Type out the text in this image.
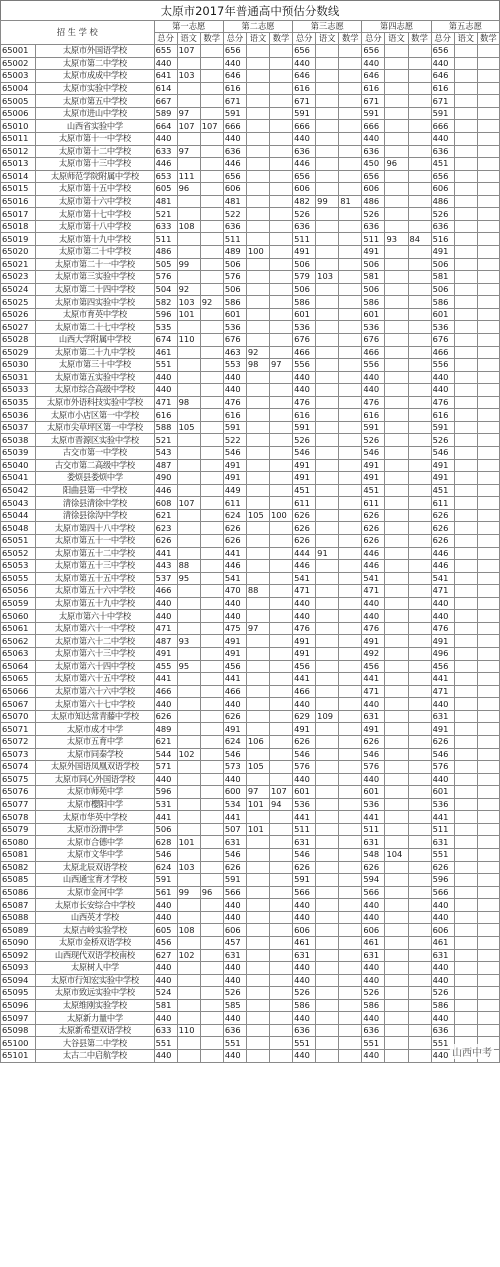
太原市2017年普通高中预估分数线
招 生 学 校		第一志愿			第二志愿			第三志愿			第四志愿			第五志愿		
		总分	语文	数学	总分	语文	数学	总分	语文	数学	总分	语文	数学	总分	语文	数学
65001	太原市外国语学校	655	107		656			656			656			656		
65002	太原市第二中学校	440			440			440			440			440		
65003	太原市成成中学校	641	103		646			646			646			646		
65004	太原市实验中学校	614			616			616			616			616		
65005	太原市第五中学校	667			671			671			671			671		
65006	太原市进山中学校	589	97		591			591			591			591		
65010	山西省实验中学	664	107	107	666			666			666			666		
65011	太原市第十一中学校	440			440			440			440			440		
65012	太原市第十二中学校	633	97		636			636			636			636		
65013	太原市第十三中学校	446			446			446			450	96		451		
65014	太原师范学院附属中学校	653	111		656			656			656			656		
65015	太原市第十五中学校	605	96		606			606			606			606		
65016	太原市第十六中学校	481			481			482	99	81	486			486		
65017	太原市第十七中学校	521			522			526			526			526		
65018	太原市第十八中学校	633	108		636			636			636			636		
65019	太原市第十九中学校	511			511			511			511	93	84	516		
65020	太原市第二十中学校	486			489	100		491			491			491		
65021	太原市第二十一中学校	505	99		506			506			506			506		
65023	太原市第三实验中学校	576			576			579	103		581			581		
65024	太原市第二十四中学校	504	92		506			506			506			506		
65025	太原市第四实验中学校	582	103	92	586			586			586			586		
65026	太原市育英中学校	596	101		601			601			601			601		
65027	太原市第二十七中学校	535			536			536			536			536		
65028	山西大学附属中学校	674	110		676			676			676			676		
65029	太原市第二十九中学校	461			463	92		466			466			466		
65030	太原市第三十中学校	551			553	98	97	556			556			556		
65031	太原市第五实验中学校	440			440			440			440			440		
65033	太原市综合高级中学校	440			440			440			440			440		
65035	太原市外语科技实验中学校	471	98		476			476			476			476		
65036	太原市小店区第一中学校	616			616			616			616			616		
65037	太原市尖草坪区第一中学校	588	105		591			591			591			591		
65038	太原市晋源区实验中学校	521			522			526			526			526		
65039	古交市第一中学校	543			546			546			546			546		
65040	古交市第二高级中学校	487			491			491			491			491		
65041	娄烦县娄烦中学	490			491			491			491			491		
65042	阳曲县第一中学校	446			449			451			451			451		
65043	清徐县清徐中学校	608	107		611			611			611			611		
65044	清徐县徐沟中学校	621			624	105	100	626			626			626		
65048	太原市第四十八中学校	623			626			626			626			626		
65051	太原市第五十一中学校	626			626			626			626			626		
65052	太原市第五十二中学校	441			441			444	91		446			446		
65053	太原市第五十三中学校	443	88		446			446			446			446		
65055	太原市第五十五中学校	537	95		541			541			541			541		
65056	太原市第五十六中学校	466			470	88		471			471			471		
65059	太原市第五十九中学校	440			440			440			440			440		
65060	太原市第六十中学校	440			440			440			440			440		
65061	太原市第六十一中学校	471			475	97		476			476			476		
65062	太原市第六十二中学校	487	93		491			491			491			491		
65063	太原市第六十三中学校	491			491			491			492			496		
65064	太原市第六十四中学校	455	95		456			456			456			456		
65065	太原市第六十五中学校	441			441			441			441			441		
65066	太原市第六十六中学校	466			466			466			471			471		
65067	太原市第六十七中学校	440			440			440			440			440		
65070	太原市知达常青藤中学校	626			626			629	109		631			631		
65071	太原市成才中学	489			491			491			491			491		
65072	太原市五育中学	621			624	106		626			626			626		
65073	太原市同秦学校	544	102		546			546			546			546		
65074	太原外国语凤凰双语学校	571			573	105		576			576			576		
65075	太原市同心外国语学校	440			440			440			440			440		
65076	太原市师苑中学	596			600	97	107	601			601			601		
65077	太原市樱阳中学	531			534	101	94	536			536			536		
65078	太原市华英中学校	441			441			441			441			441		
65079	太原市汾渭中学	506			507	101		511			511			511		
65080	太原市合德中学	628	101		631			631			631			631		
65081	太原市文华中学	546			546			546			548	104		551		
65082	太原北辰双语学校	624	103		626			626			626			626		
65085	山西通宝育才学校	591			591			591			594			596		
65086	太原市金河中学	561	99	96	566			566			566			566		
65087	太原市长安综合中学校	440			440			440			440			440		
65088	山西英才学校	440			440			440			440			440		
65089	太原吉岭实验学校	605	108		606			606			606			606		
65090	太原市金桥双语学校	456			457			461			461			461		
65092	山西现代双语学校南校	627	102		631			631			631			631		
65093	太原树人中学	440			440			440			440			440		
65094	太原市行知宏实验中学校	440			440			440			440			440		
65095	太原市致远实验中学校	524			526			526			526			526		
65096	太原维刚实验学校	581			585			586			586			586		
65097	太原新力量中学	440			440			440			440			440		
65098	太原新希望双语学校	633	110		636			636			636			636		
65100	大谷县第二中学校	551			551			551			551			551		
65101	太古二中启航学校	440			440			440			440			440		山西中考
